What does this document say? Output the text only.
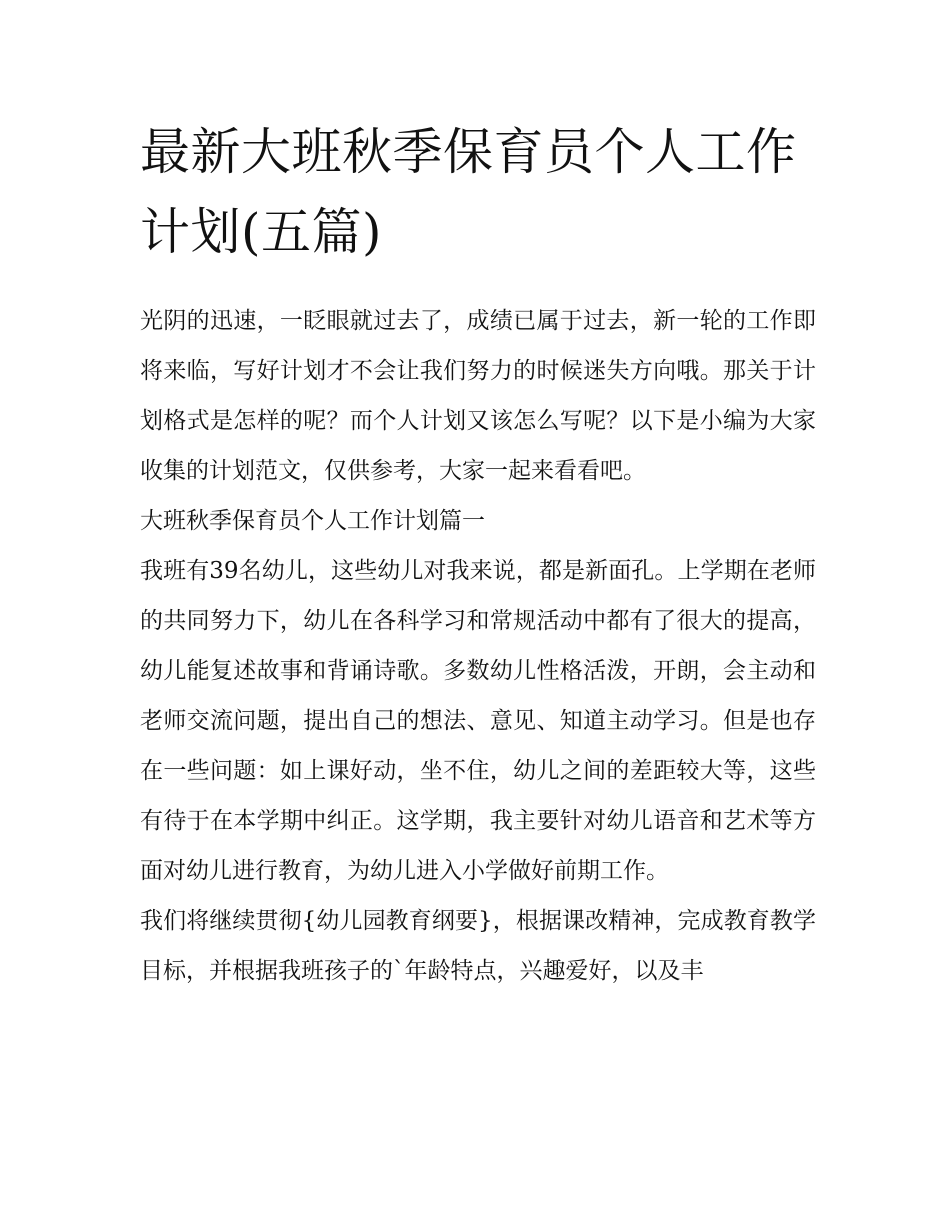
最新大班秋季保育员个人工作计划(五篇)

光阴的迅速，一眨眼就过去了，成绩已属于过去，新一轮的工作即将来临，写好计划才不会让我们努力的时候迷失方向哦。那关于计划格式是怎样的呢？而个人计划又该怎么写呢？以下是小编为大家收集的计划范文，仅供参考，大家一起来看看吧。

大班秋季保育员个人工作计划篇一

我班有39名幼儿，这些幼儿对我来说，都是新面孔。上学期在老师的共同努力下，幼儿在各科学习和常规活动中都有了很大的提高，幼儿能复述故事和背诵诗歌。多数幼儿性格活泼，开朗，会主动和老师交流问题，提出自己的想法、意见、知道主动学习。但是也存在一些问题：如上课好动，坐不住，幼儿之间的差距较大等，这些有待于在本学期中纠正。这学期，我主要针对幼儿语音和艺术等方面对幼儿进行教育，为幼儿进入小学做好前期工作。

我们将继续贯彻{幼儿园教育纲要}，根据课改精神，完成教育教学目标，并根据我班孩子的`年龄特点，兴趣爱好，以及丰
